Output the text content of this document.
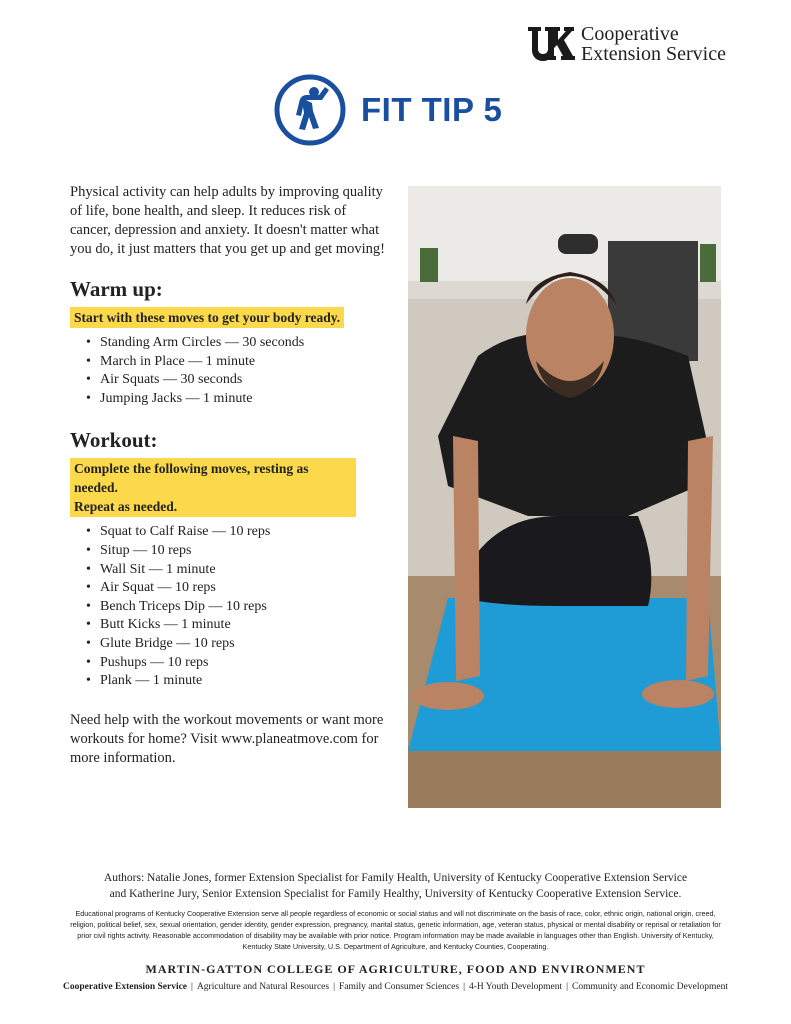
Cooperative
Extension Service
FIT TIP 5

Physical activity can help adults by improving quality of life, bone health, and sleep. It reduces risk of cancer, depression and anxiety. It doesn't matter what you do, it just matters that you get up and get moving!

Warm up:
Start with these moves to get your body ready.
• Standing Arm Circles — 30 seconds
• March in Place — 1 minute
• Air Squats — 30 seconds
• Jumping Jacks — 1 minute
Workout:
Complete the following moves, resting as needed.
Repeat as needed.
• Squat to Calf Raise — 10 reps
• Situp — 10 reps
• Wall Sit — 1 minute
• Air Squat — 10 reps
• Bench Triceps Dip — 10 reps
• Butt Kicks — 1 minute
• Glute Bridge — 10 reps
• Pushups — 10 reps
• Plank — 1 minute

Need help with the workout movements or want more workouts for home? Visit www.planeatmove.com for more information.

Authors: Natalie Jones, former Extension Specialist for Family Health, University of Kentucky Cooperative Extension Service
and Katherine Jury, Senior Extension Specialist for Family Healthy, University of Kentucky Cooperative Extension Service.

Educational programs of Kentucky Cooperative Extension serve all people regardless of economic or social status and will not discriminate on the basis of race, color, ethnic origin, national origin, creed, religion, political belief, sex, sexual orientation, gender identity, gender expression, pregnancy, marital status, genetic information, age, veteran status, physical or mental disability or reprisal or retaliation for prior civil rights activity. Reasonable accommodation of disability may be available with prior notice. Program information may be made available in languages other than English. University of Kentucky, Kentucky State University, U.S. Department of Agriculture, and Kentucky Counties, Cooperating.

MARTIN-GATTON COLLEGE OF AGRICULTURE, FOOD AND ENVIRONMENT
Cooperative Extension Service | Agriculture and Natural Resources | Family and Consumer Sciences | 4-H Youth Development | Community and Economic Development
